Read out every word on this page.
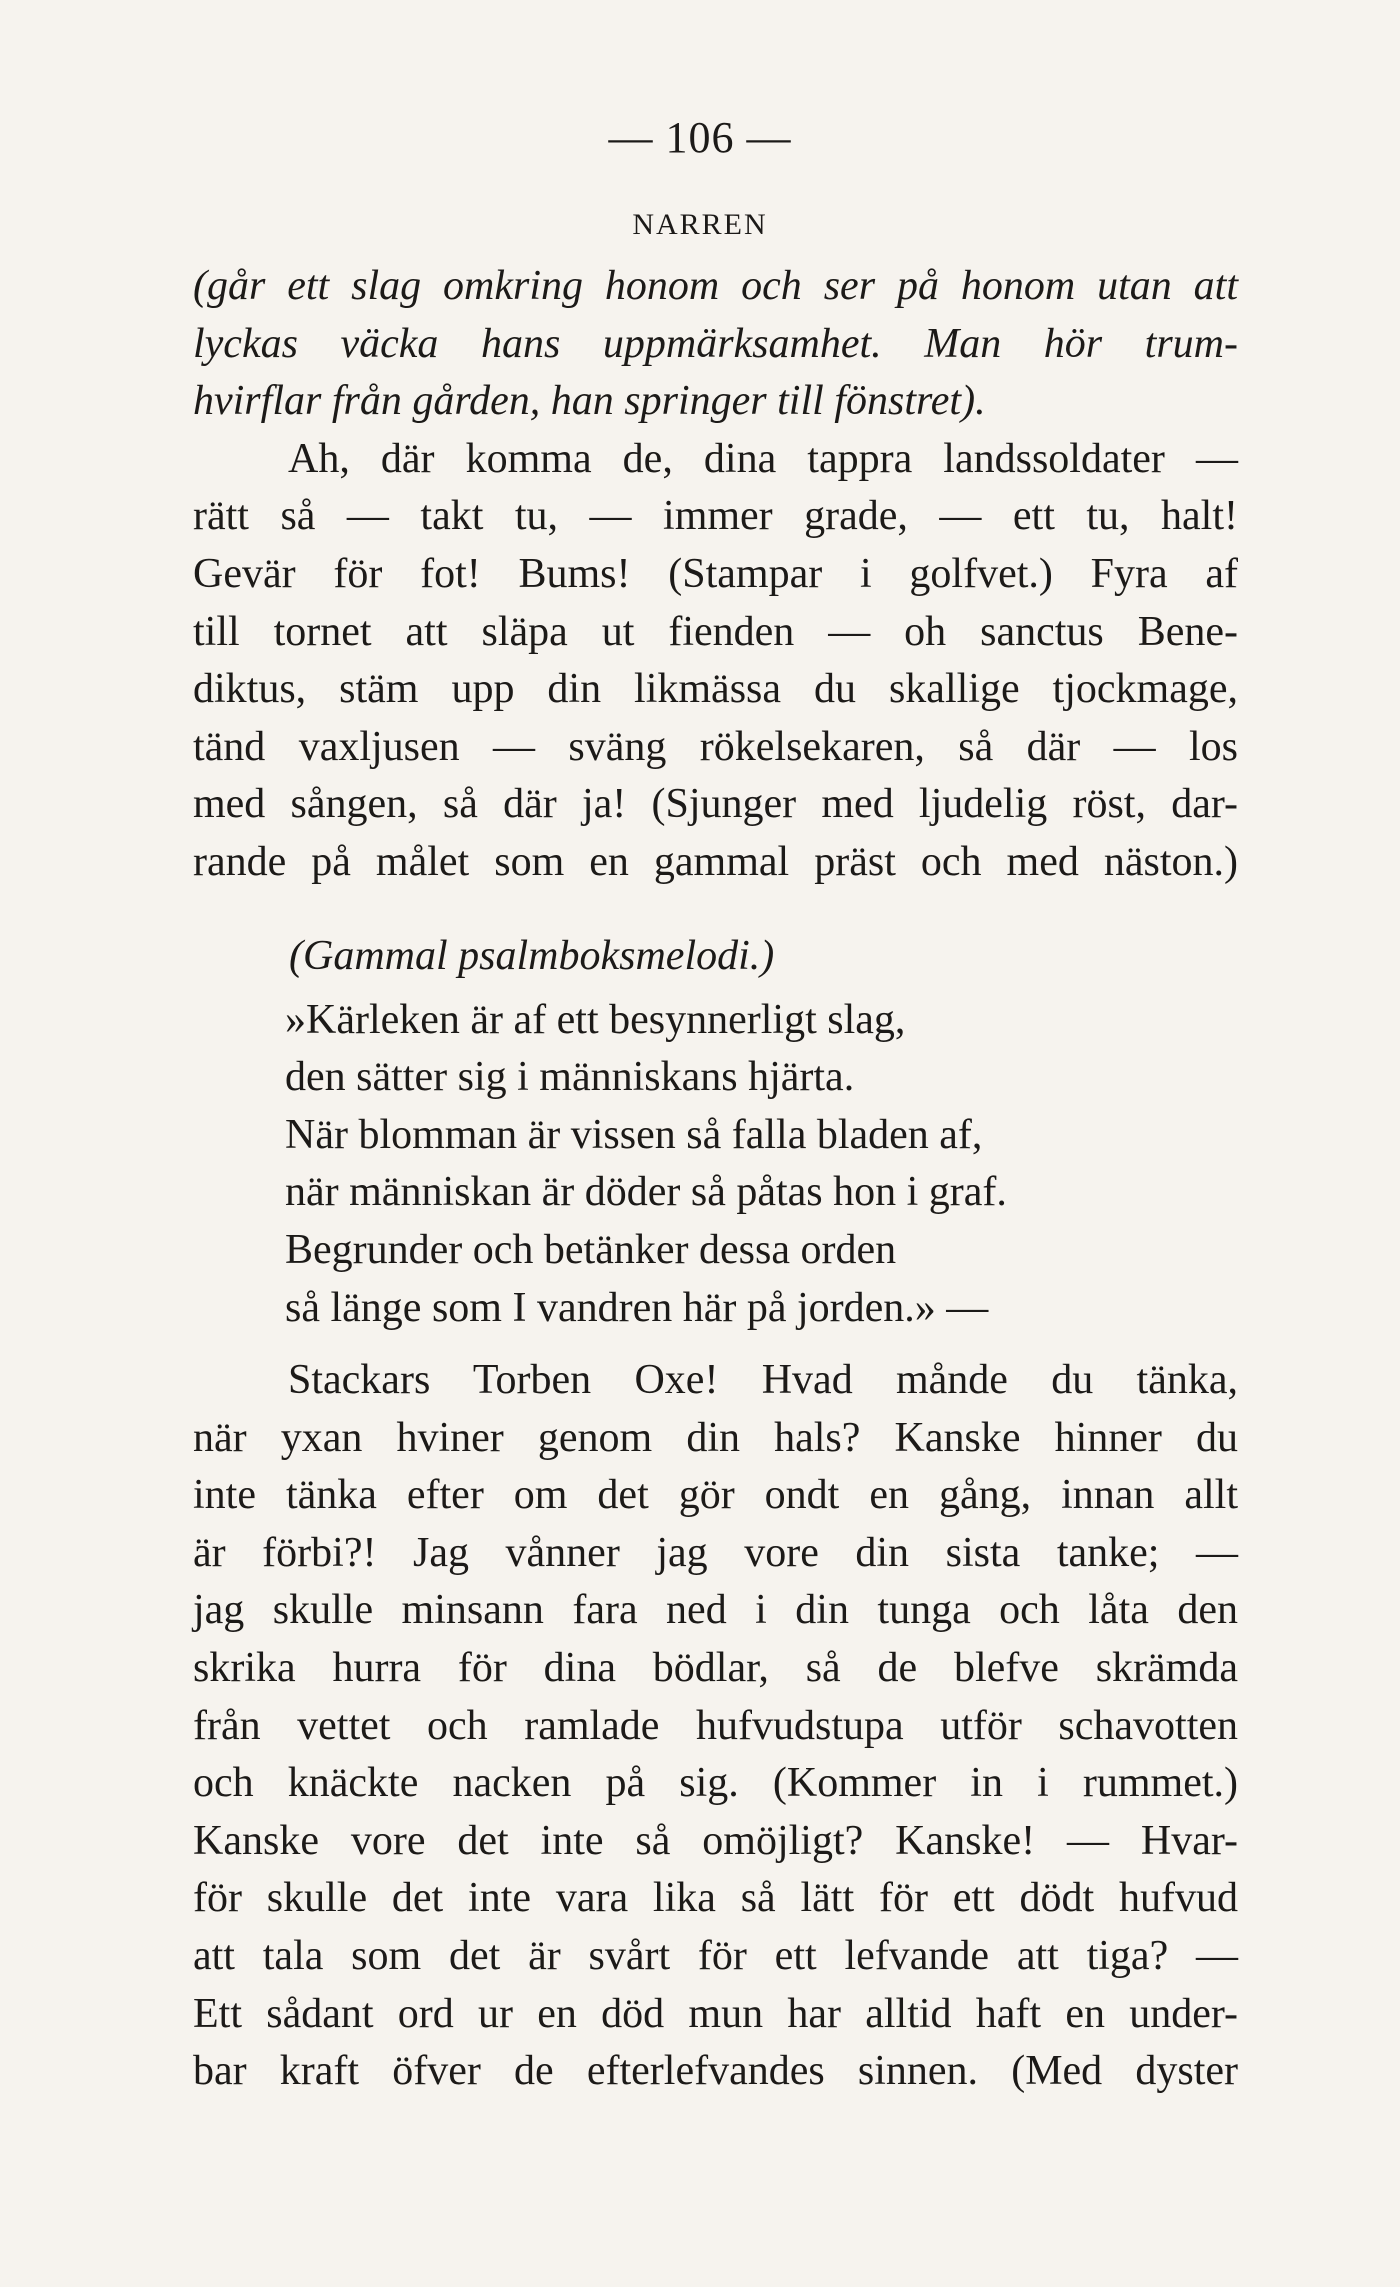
— 106 —
NARREN
(går ett slag omkring honom och ser på honom utan att
lyckas väcka hans uppmärksamhet. Man hör trum-
hvirflar från gården, han springer till fönstret).
Ah, där komma de, dina tappra landssoldater —
rätt så — takt tu, — immer grade, — ett tu, halt!
Gevär för fot! Bums! (Stampar i golfvet.) Fyra af
till tornet att släpa ut fienden — oh sanctus Bene-
diktus, stäm upp din likmässa du skallige tjockmage,
tänd vaxljusen — sväng rökelsekaren, så där — los
med sången, så där ja! (Sjunger med ljudelig röst, dar-
rande på målet som en gammal präst och med näston.)
(Gammal psalmboksmelodi.)
»Kärleken är af ett besynnerligt slag,
den sätter sig i människans hjärta.
När blomman är vissen så falla bladen af,
när människan är döder så påtas hon i graf.
Begrunder och betänker dessa orden
så länge som I vandren här på jorden.» —
Stackars Torben Oxe! Hvad månde du tänka,
när yxan hviner genom din hals? Kanske hinner du
inte tänka efter om det gör ondt en gång, innan allt
är förbi?! Jag vånner jag vore din sista tanke; —
jag skulle minsann fara ned i din tunga och låta den
skrika hurra för dina bödlar, så de blefve skrämda
från vettet och ramlade hufvudstupa utför schavotten
och knäckte nacken på sig. (Kommer in i rummet.)
Kanske vore det inte så omöjligt? Kanske! — Hvar-
för skulle det inte vara lika så lätt för ett dödt hufvud
att tala som det är svårt för ett lefvande att tiga? —
Ett sådant ord ur en död mun har alltid haft en under-
bar kraft öfver de efterlefvandes sinnen. (Med dyster
